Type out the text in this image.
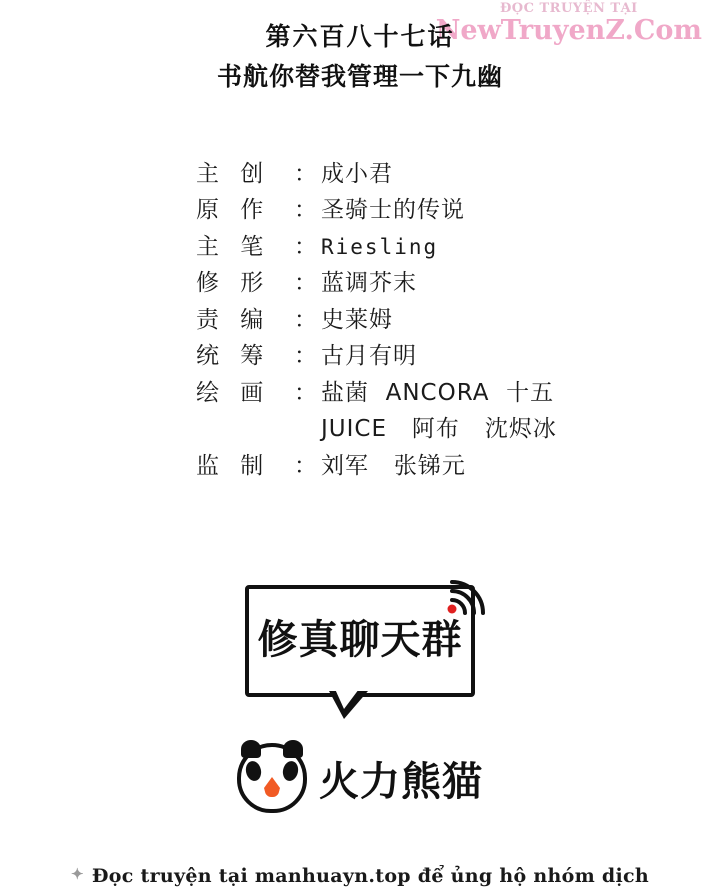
ĐỌC TRUYỆN TẠI
NewTruyenZ.Com
第六百八十七话
书航你替我管理一下九幽
主 创	： 成小君
原 作	： 圣骑士的传说
主 笔	： Riesling
修 形	： 蓝调芥末
责 编	： 史莱姆
统 筹	： 古月有明
绘 画	： 盐菌  ANCORA  十五
JUICE   阿布   沈烬冰
监 制	： 刘军   张锑元
修真聊天群
火力熊猫
✦ Đọc truyện tại manhuayn.top để ủng hộ nhóm dịch
